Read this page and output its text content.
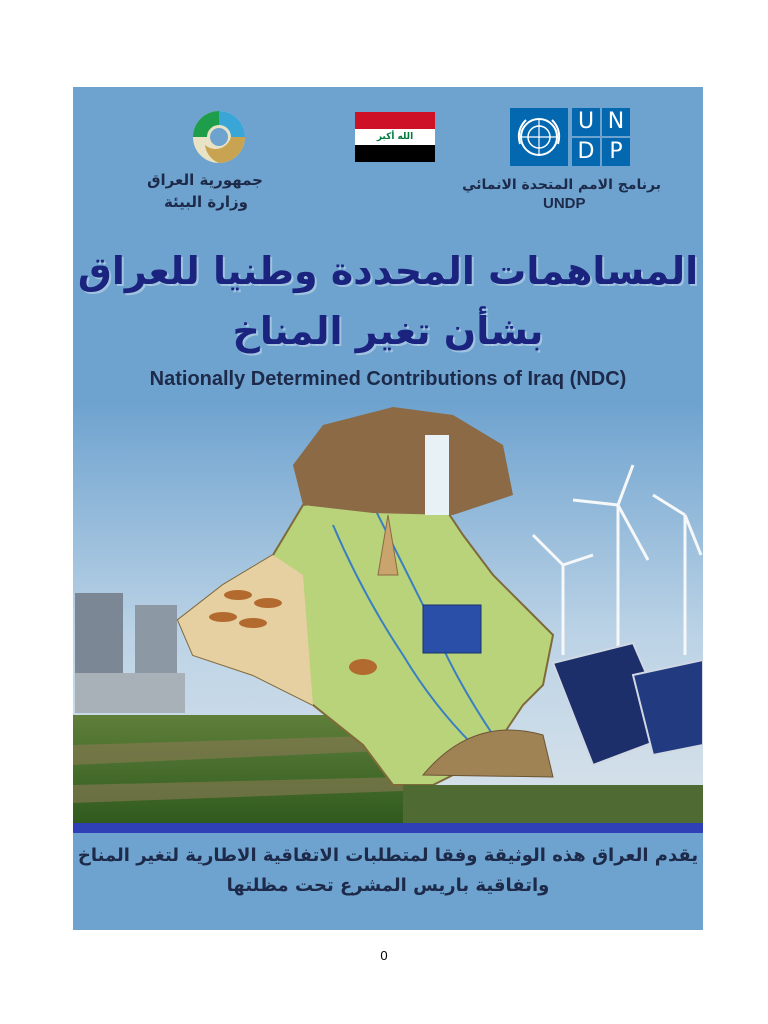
جمهورية العراق
وزارة البيئة
الله أكبر
U N
D P
برنامج الامم المتحدة الانمائي
UNDP
المساهمات المحددة وطنيا للعراق
بشأن تغير المناخ
Nationally Determined Contributions of Iraq (NDC)
يقدم العراق هذه الوثيقة وفقا لمتطلبات الاتفاقية الاطارية لتغير المناخ
واتفاقية باريس المشرع تحت مظلتها
0
